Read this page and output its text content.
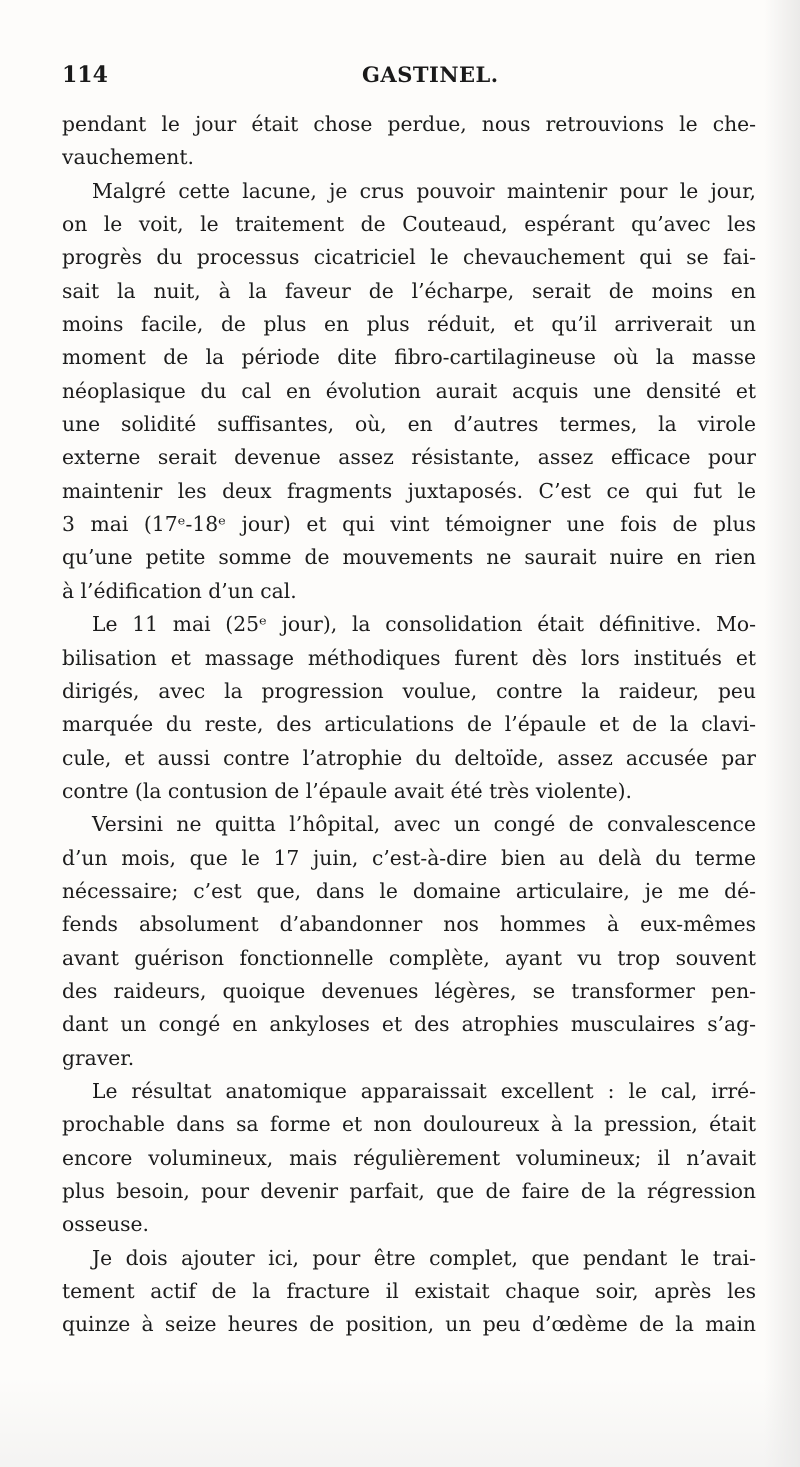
114	GASTINEL.
pendant le jour était chose perdue, nous retrouvions le che-
vauchement.
Malgré cette lacune, je crus pouvoir maintenir pour le jour,
on le voit, le traitement de Couteaud, espérant qu’avec les
progrès du processus cicatriciel le chevauchement qui se fai-
sait la nuit, à la faveur de l’écharpe, serait de moins en
moins facile, de plus en plus réduit, et qu’il arriverait un
moment de la période dite fibro-cartilagineuse où la masse
néoplasique du cal en évolution aurait acquis une densité et
une solidité suffisantes, où, en d’autres termes, la virole
externe serait devenue assez résistante, assez efficace pour
maintenir les deux fragments juxtaposés. C’est ce qui fut le
3 mai (17ᵉ-18ᵉ jour) et qui vint témoigner une fois de plus
qu’une petite somme de mouvements ne saurait nuire en rien
à l’édification d’un cal.
Le 11 mai (25ᵉ jour), la consolidation était définitive. Mo-
bilisation et massage méthodiques furent dès lors institués et
dirigés, avec la progression voulue, contre la raideur, peu
marquée du reste, des articulations de l’épaule et de la clavi-
cule, et aussi contre l’atrophie du deltoïde, assez accusée par
contre (la contusion de l’épaule avait été très violente).
Versini ne quitta l’hôpital, avec un congé de convalescence
d’un mois, que le 17 juin, c’est-à-dire bien au delà du terme
nécessaire; c’est que, dans le domaine articulaire, je me dé-
fends absolument d’abandonner nos hommes à eux-mêmes
avant guérison fonctionnelle complète, ayant vu trop souvent
des raideurs, quoique devenues légères, se transformer pen-
dant un congé en ankyloses et des atrophies musculaires s’ag-
graver.
Le résultat anatomique apparaissait excellent : le cal, irré-
prochable dans sa forme et non douloureux à la pression, était
encore volumineux, mais régulièrement volumineux; il n’avait
plus besoin, pour devenir parfait, que de faire de la régression
osseuse.
Je dois ajouter ici, pour être complet, que pendant le trai-
tement actif de la fracture il existait chaque soir, après les
quinze à seize heures de position, un peu d’œdème de la main
